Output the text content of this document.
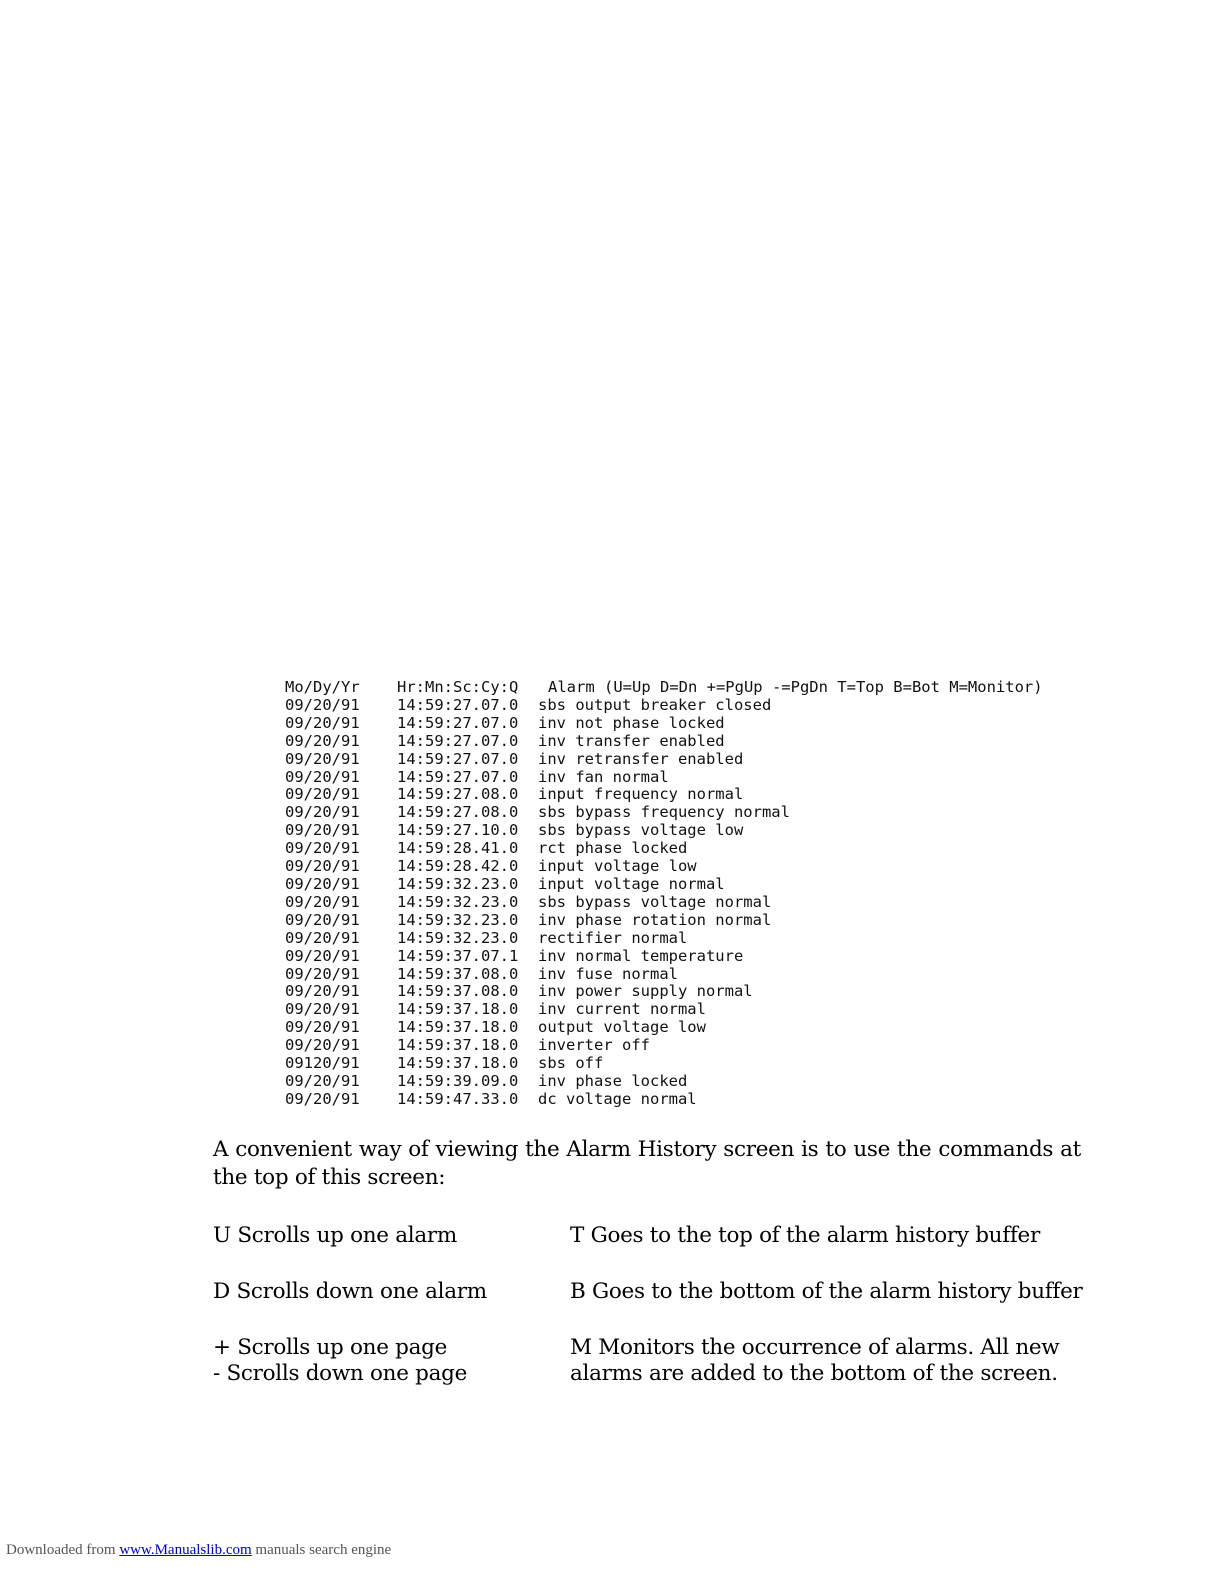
Mo/Dy/Yr	Hr:Mn:Sc:Cy:Q	Alarm (U=Up D=Dn +=PgUp -=PgDn T=Top B=Bot M=Monitor)
09/20/91	14:59:27.07.0	sbs output breaker closed
09/20/91	14:59:27.07.0	inv not phase locked
09/20/91	14:59:27.07.0	inv transfer enabled
09/20/91	14:59:27.07.0	inv retransfer enabled
09/20/91	14:59:27.07.0	inv fan normal
09/20/91	14:59:27.08.0	input frequency normal
09/20/91	14:59:27.08.0	sbs bypass frequency normal
09/20/91	14:59:27.10.0	sbs bypass voltage low
09/20/91	14:59:28.41.0	rct phase locked
09/20/91	14:59:28.42.0	input voltage low
09/20/91	14:59:32.23.0	input voltage normal
09/20/91	14:59:32.23.0	sbs bypass voltage normal
09/20/91	14:59:32.23.0	inv phase rotation normal
09/20/91	14:59:32.23.0	rectifier normal
09/20/91	14:59:37.07.1	inv normal temperature
09/20/91	14:59:37.08.0	inv fuse normal
09/20/91	14:59:37.08.0	inv power supply normal
09/20/91	14:59:37.18.0	inv current normal
09/20/91	14:59:37.18.0	output voltage low
09/20/91	14:59:37.18.0	inverter off
09120/91	14:59:37.18.0	sbs off
09/20/91	14:59:39.09.0	inv phase locked
09/20/91	14:59:47.33.0	dc voltage normal
A convenient way of viewing the Alarm History screen is to use the commands at the top of this screen:
U Scrolls up one alarm	T Goes to the top of the alarm history buffer
D Scrolls down one alarm	B Goes to the bottom of the alarm history buffer
+ Scrolls up one page
- Scrolls down one page
M Monitors the occurrence of alarms. All new
alarms are added to the bottom of the screen.
Downloaded from www.Manualslib.com manuals search engine
